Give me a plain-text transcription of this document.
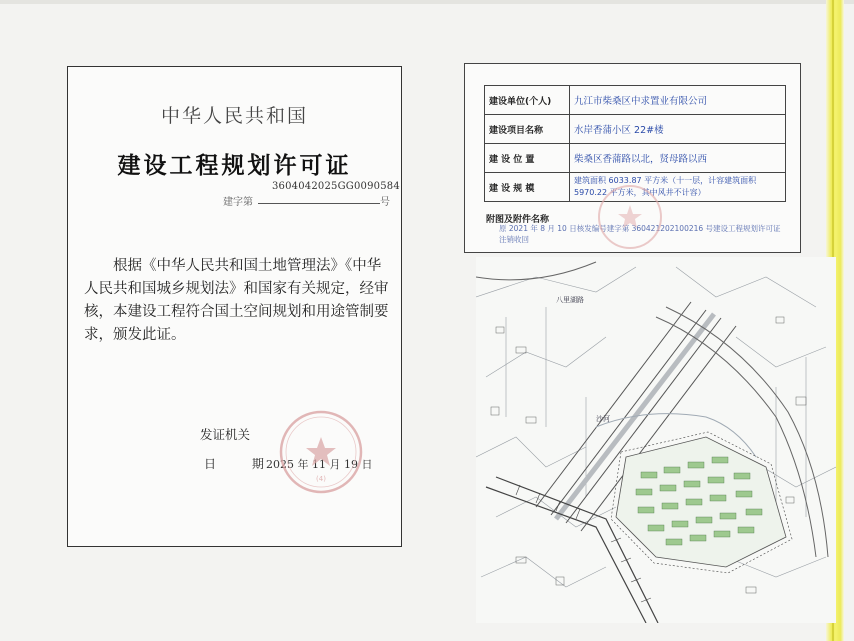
中华人民共和国
建设工程规划许可证
3604042025GG0090584
建字第	号
根据《中华人民共和国土地管理法》《中华人民共和国城乡规划法》和国家有关规定，经审核，本建设工程符合国土空间规划和用途管制要求，颁发此证。
发证机关
日 期
2025 年 11 月 19 日
(4)
建设单位(个人)	九江市柴桑区中求置业有限公司
建设项目名称	水岸香蒲小区 22#楼
建 设 位 置	柴桑区香蒲路以北，贤母路以西
建 设 规 模	建筑面积 6033.87 平方米（十一层，计容建筑面积 5970.22 平方米，其中风井不计容）
附图及附件名称
原 2021 年 8 月 10 日核发编号建字第 360421202100216 号建设工程规划许可证注销收回
沙河
八里湖路
